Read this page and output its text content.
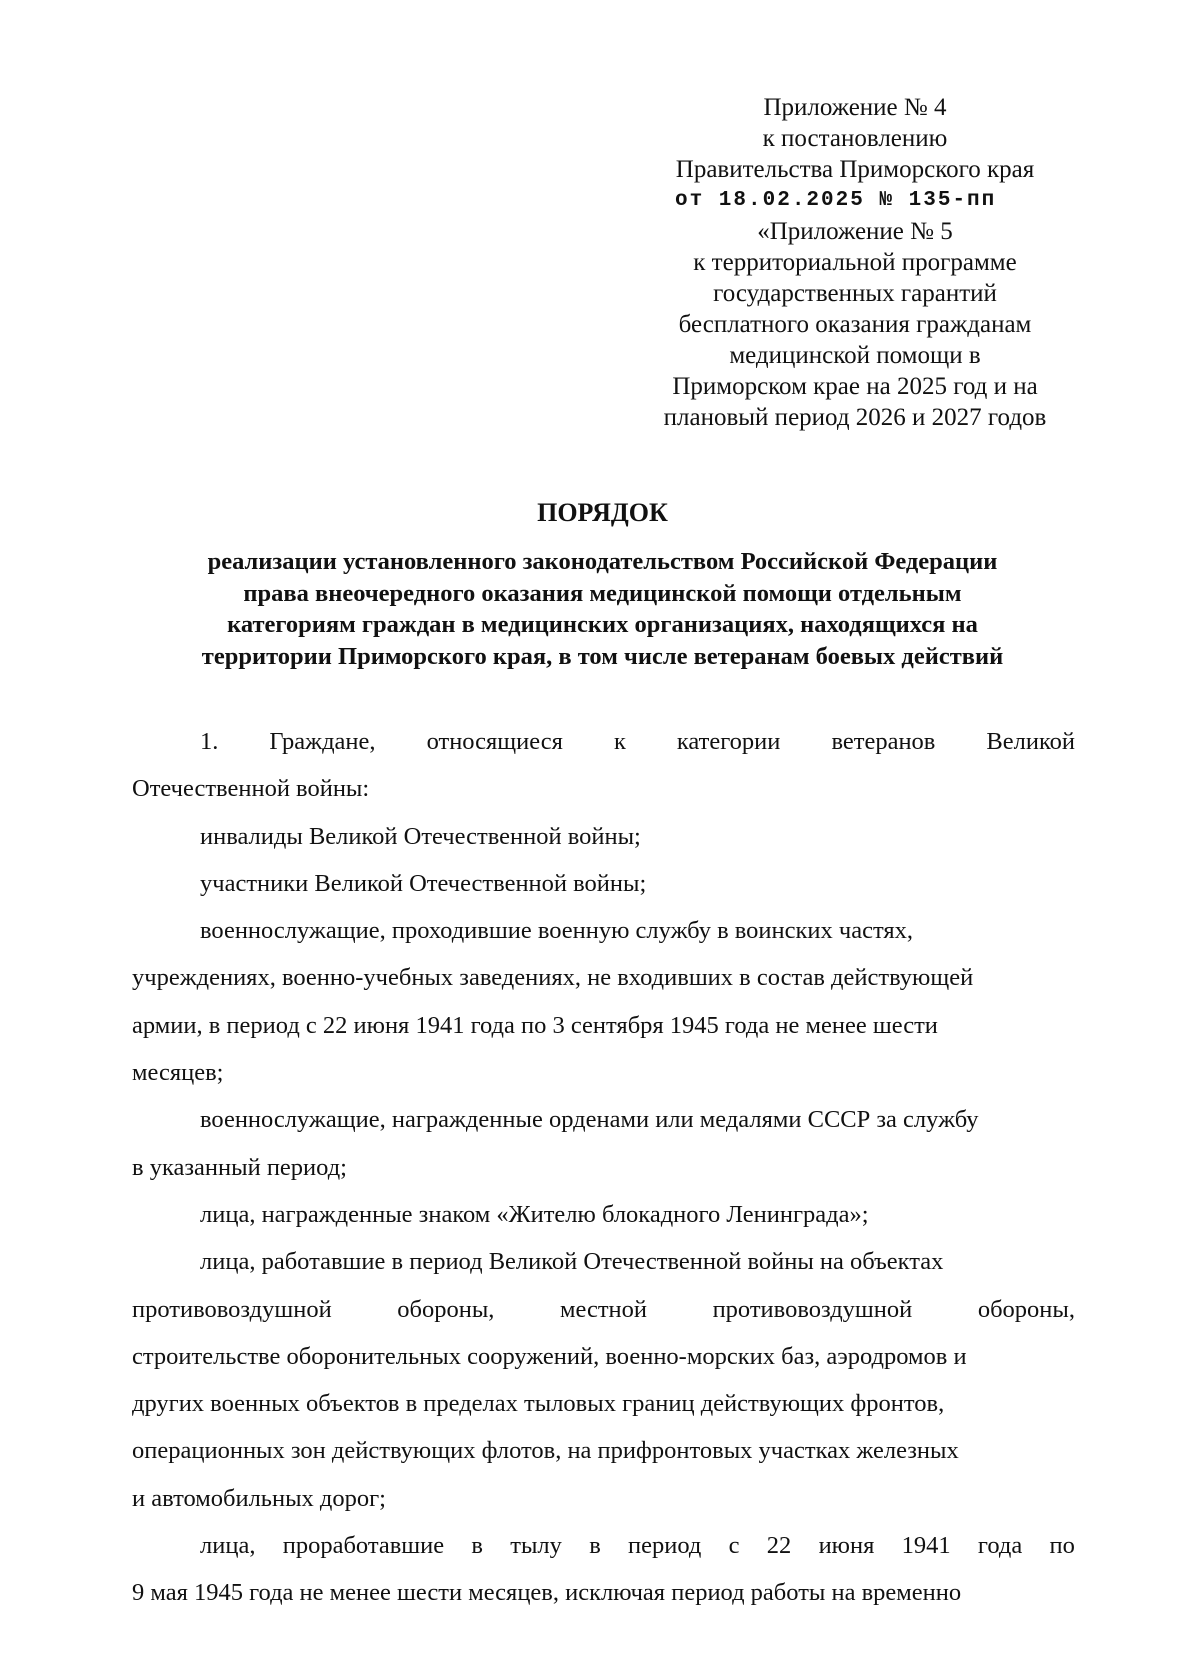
Приложение № 4
к постановлению
Правительства Приморского края
от 18.02.2025 № 135-пп
«Приложение № 5
к территориальной программе
государственных гарантий
бесплатного оказания гражданам
медицинской помощи в
Приморском крае на 2025 год и на
плановый период 2026 и 2027 годов
ПОРЯДОК
реализации установленного законодательством Российской Федерации
права внеочередного оказания медицинской помощи отдельным
категориям граждан в медицинских организациях, находящихся на
территории Приморского края, в том числе ветеранам боевых действий
1. Граждане, относящиеся к категории ветеранов Великой
Отечественной войны:
инвалиды Великой Отечественной войны;
участники Великой Отечественной войны;
военнослужащие, проходившие военную службу в воинских частях,
учреждениях, военно-учебных заведениях, не входивших в состав действующей
армии, в период с 22 июня 1941 года по 3 сентября 1945 года не менее шести
месяцев;
военнослужащие, награжденные орденами или медалями СССР за службу
в указанный период;
лица, награжденные знаком «Жителю блокадного Ленинграда»;
лица, работавшие в период Великой Отечественной войны на объектах
противовоздушной	обороны,	местной	противовоздушной	обороны,
строительстве оборонительных сооружений, военно-морских баз, аэродромов и
других военных объектов в пределах тыловых границ действующих фронтов,
операционных зон действующих флотов, на прифронтовых участках железных
и автомобильных дорог;
лица, проработавшие в тылу в период с 22 июня 1941 года по
9 мая 1945 года не менее шести месяцев, исключая период работы на временно
